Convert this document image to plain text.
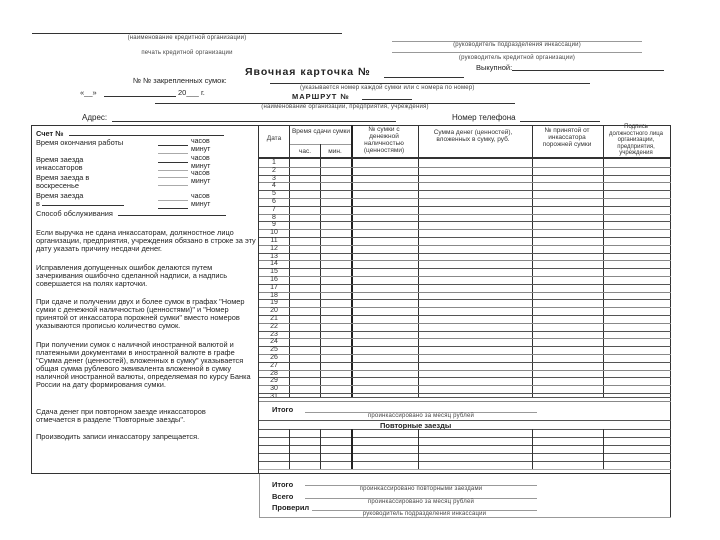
(наименование кредитной организации)
печать кредитной организации
(руководитель подразделения инкассации)
(руководитель кредитной организации)
Выкупной:
Явочная карточка №
№ № закрепленных сумок:
(указывается номер каждой сумки или с номера по номер)
«__»	20___ г.	МАРШРУТ №
(наименование организации, предприятия, учреждения)
Адрес:	Номер телефона
Счет №
Время окончания работы	часов
минут
Время заезда инкассаторов
часов
минут
Время заезда в воскресенье
часов
минут
Время заезда
в
часов
минут
Способ обслуживания
Если выручка не сдана инкассаторам, должностное лицо организации, предприятия, учреждения обязано в строке за эту дату указать причину несдачи денег.
Исправления допущенных ошибок делаются путем зачеркивания ошибочно сделанной надписи, а надпись совершается на полях карточки.
При сдаче и получении двух и более сумок в графах "Номер сумки с денежной наличностью (ценностями)" и "Номер принятой от инкассатора порожней сумки" вместо номеров указываются прописью количество сумок.
При получении сумок с наличной иностранной валютой и платежными документами в иностранной валюте в графе "Сумма денег (ценностей), вложенных в сумку" указывается общая сумма рублевого эквивалента вложенной в сумку наличной иностранной валюты, определяемая по курсу Банка России на дату формирования сумки.
Сдача денег при повторном заезде инкассаторов отмечается в разделе "Повторные заезды".
Производить записи инкассатору запрещается.
Дата
Время сдачи сумки
час.	мин.
№ сумки с денежной наличностью (ценностями)
Сумма денег (ценностей), вложенных в сумку, руб.
№ принятой от инкассатора порожней сумки
Подпись должностного лица организации, предприятия, учреждения
1
2
3
4
5
6
7
8
9
10
11
12
13
14
15
16
17
18
19
20
21
22
23
24
25
26
27
28
29
30
31
Итого
проинкассировано за месяц рублей
Повторные заезды
Итого	проинкассировано повторными заездами
Всего
проинкассировано за месяц рублей
Проверил
руководитель подразделения инкассации
